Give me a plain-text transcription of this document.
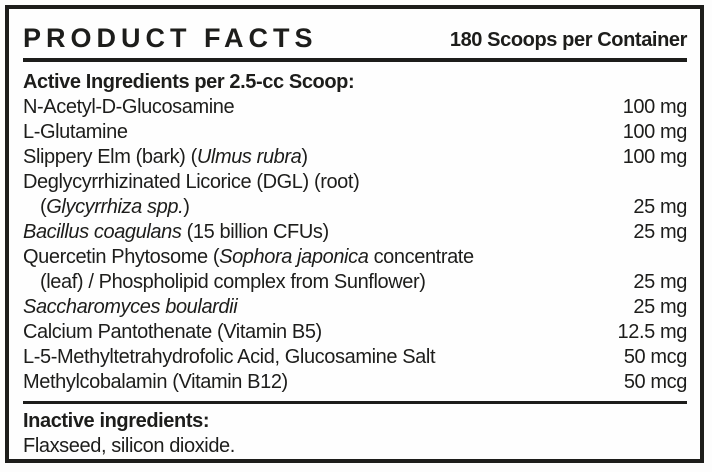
PRODUCT FACTS	180 Scoops per Container
Active Ingredients per 2.5-cc Scoop:
N-Acetyl-D-Glucosamine	100 mg
L-Glutamine	100 mg
Slippery Elm (bark) (Ulmus rubra)	100 mg
Deglycyrrhizinated Licorice (DGL) (root)
(Glycyrrhiza spp.)	25 mg
Bacillus coagulans (15 billion CFUs)	25 mg
Quercetin Phytosome (Sophora japonica concentrate
(leaf) / Phospholipid complex from Sunflower)	25 mg
Saccharomyces boulardii	25 mg
Calcium Pantothenate (Vitamin B5)	12.5 mg
L-5-Methyltetrahydrofolic Acid, Glucosamine Salt	50 mcg
Methylcobalamin (Vitamin B12)	50 mcg
Inactive ingredients:
Flaxseed, silicon dioxide.
